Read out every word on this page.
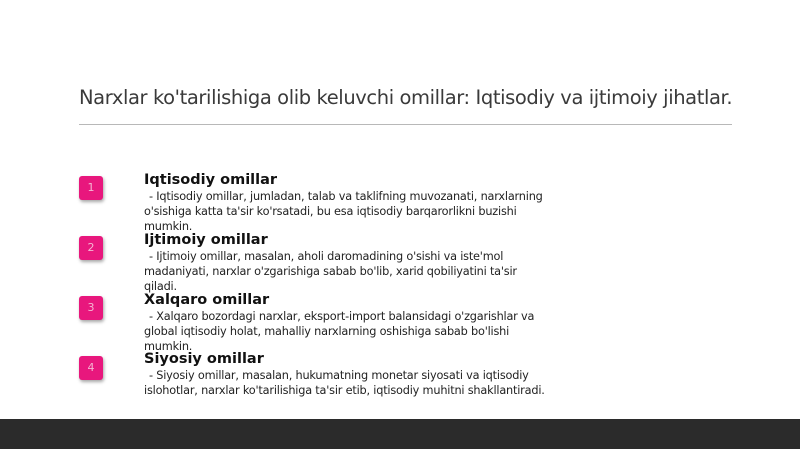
Narxlar ko'tarilishiga olib keluvchi omillar: Iqtisodiy va ijtimoiy jihatlar.
1	Iqtisodiy omillar
- Iqtisodiy omillar, jumladan, talab va taklifning muvozanati, narxlarning
o'sishiga katta ta'sir ko'rsatadi, bu esa iqtisodiy barqarorlikni buzishi
mumkin.
2	Ijtimoiy omillar
- Ijtimoiy omillar, masalan, aholi daromadining o'sishi va iste'mol
madaniyati, narxlar o'zgarishiga sabab bo'lib, xarid qobiliyatini ta'sir
qiladi.
3	Xalqaro omillar
- Xalqaro bozordagi narxlar, eksport-import balansidagi o'zgarishlar va
global iqtisodiy holat, mahalliy narxlarning oshishiga sabab bo'lishi
mumkin.
4
Siyosiy omillar
- Siyosiy omillar, masalan, hukumatning monetar siyosati va iqtisodiy
islohotlar, narxlar ko'tarilishiga ta'sir etib, iqtisodiy muhitni shakllantiradi.
